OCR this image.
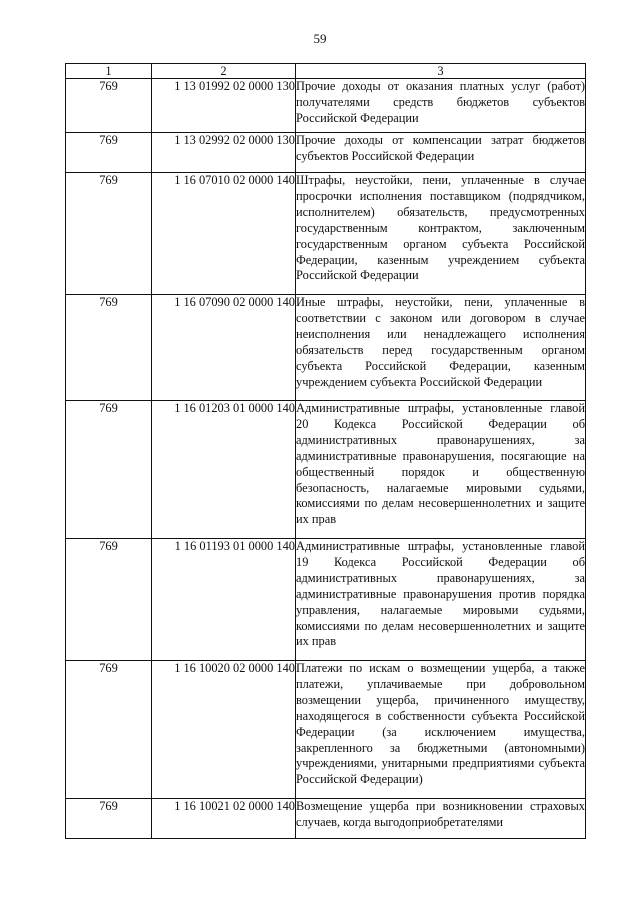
59
1	2	3
769	1 13 01992 02 0000 130	Прочие доходы от оказания платных услуг (работ) получателями средств бюджетов субъектов Российской Федерации
769	1 13 02992 02 0000 130	Прочие доходы от компенсации затрат бюджетов субъектов Российской Федерации
769	1 16 07010 02 0000 140	Штрафы, неустойки, пени, уплаченные в случае просрочки исполнения поставщиком (подрядчиком, исполнителем) обязательств, предусмотренных государственным контрактом, заключенным государственным органом субъекта Российской Федерации, казенным учреждением субъекта Российской Федерации
769	1 16 07090 02 0000 140	Иные штрафы, неустойки, пени, уплаченные в соответствии с законом или договором в случае неисполнения или ненадлежащего исполнения обязательств перед государственным органом субъекта Российской Федерации, казенным учреждением субъекта Российской Федерации
769	1 16 01203 01 0000 140	Административные штрафы, установленные главой 20 Кодекса Российской Федерации об административных правонарушениях, за административные правонарушения, посягающие на общественный порядок и общественную безопасность, налагаемые мировыми судьями, комиссиями по делам несовершеннолетних и защите их прав
769	1 16 01193 01 0000 140	Административные штрафы, установленные главой 19 Кодекса Российской Федерации об административных правонарушениях, за административные правонарушения против порядка управления, налагаемые мировыми судьями, комиссиями по делам несовершеннолетних и защите их прав
769	1 16 10020 02 0000 140	Платежи по искам о возмещении ущерба, а также платежи, уплачиваемые при добровольном возмещении ущерба, причиненного имуществу, находящегося в собственности субъекта Российской Федерации (за исключением имущества, закрепленного за бюджетными (автономными) учреждениями, унитарными предприятиями субъекта Российской Федерации)
769	1 16 10021 02 0000 140	Возмещение ущерба при возникновении страховых случаев, когда выгодоприобретателями
